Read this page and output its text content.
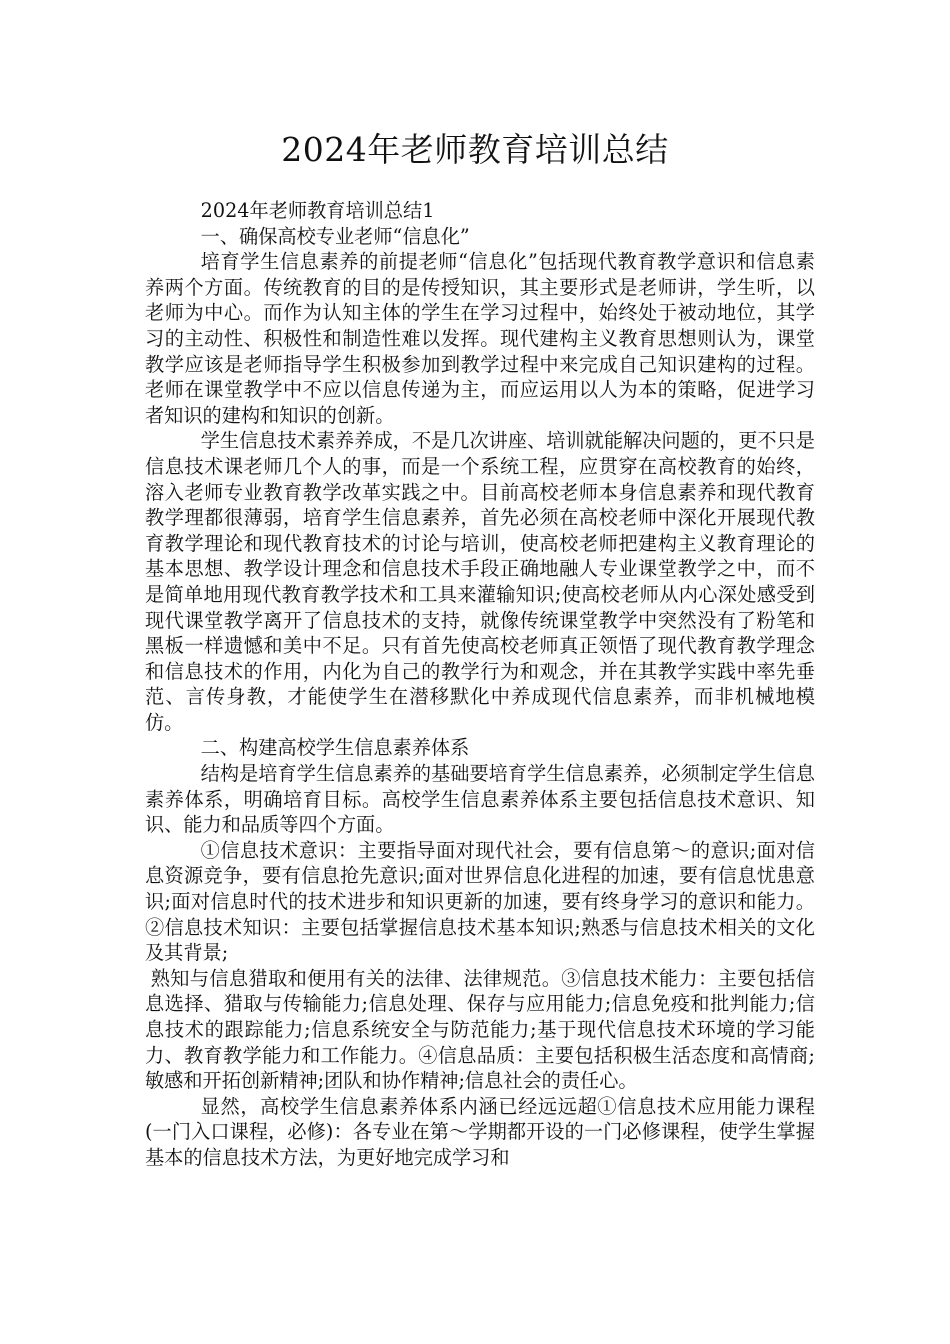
2024年老师教育培训总结

2024年老师教育培训总结1

一、确保高校专业老师“信息化”

培育学生信息素养的前提老师“信息化”包括现代教育教学意识和信息素养两个方面。传统教育的目的是传授知识，其主要形式是老师讲，学生听，以老师为中心。而作为认知主体的学生在学习过程中，始终处于被动地位，其学习的主动性、积极性和制造性难以发挥。现代建构主义教育思想则认为，课堂教学应该是老师指导学生积极参加到教学过程中来完成自己知识建构的过程。老师在课堂教学中不应以信息传递为主，而应运用以人为本的策略，促进学习者知识的建构和知识的创新。

学生信息技术素养养成，不是几次讲座、培训就能解决问题的，更不只是信息技术课老师几个人的事，而是一个系统工程，应贯穿在高校教育的始终，溶入老师专业教育教学改革实践之中。目前高校老师本身信息素养和现代教育教学理都很薄弱，培育学生信息素养，首先必须在高校老师中深化开展现代教育教学理论和现代教育技术的讨论与培训，使高校老师把建构主义教育理论的基本思想、教学设计理念和信息技术手段正确地融人专业课堂教学之中，而不是简单地用现代教育教学技术和工具来灌输知识;使高校老师从内心深处感受到现代课堂教学离开了信息技术的支持，就像传统课堂教学中突然没有了粉笔和黑板一样遗憾和美中不足。只有首先使高校老师真正领悟了现代教育教学理念和信息技术的作用，内化为自己的教学行为和观念，并在其教学实践中率先垂范、言传身教，才能使学生在潜移默化中养成现代信息素养，而非机械地模仿。

二、构建高校学生信息素养体系

结构是培育学生信息素养的基础要培育学生信息素养，必须制定学生信息素养体系，明确培育目标。高校学生信息素养体系主要包括信息技术意识、知识、能力和品质等四个方面。

①信息技术意识：主要指导面对现代社会，要有信息第～的意识;面对信息资源竞争，要有信息抢先意识;面对世界信息化进程的加速，要有信息忧患意识;面对信息时代的技术进步和知识更新的加速，要有终身学习的意识和能力。②信息技术知识：主要包括掌握信息技术基本知识;熟悉与信息技术相关的文化及其背景;

熟知与信息猎取和便用有关的法律、法律规范。③信息技术能力：主要包括信息选择、猎取与传输能力;信息处理、保存与应用能力;信息免疫和批判能力;信息技术的跟踪能力;信息系统安全与防范能力;基于现代信息技术环境的学习能力、教育教学能力和工作能力。④信息品质：主要包括积极生活态度和高情商;敏感和开拓创新精神;团队和协作精神;信息社会的责任心。

显然，高校学生信息素养体系内涵已经远远超①信息技术应用能力课程(一门入口课程，必修)：各专业在第～学期都开设的一门必修课程，使学生掌握基本的信息技术方法，为更好地完成学习和
